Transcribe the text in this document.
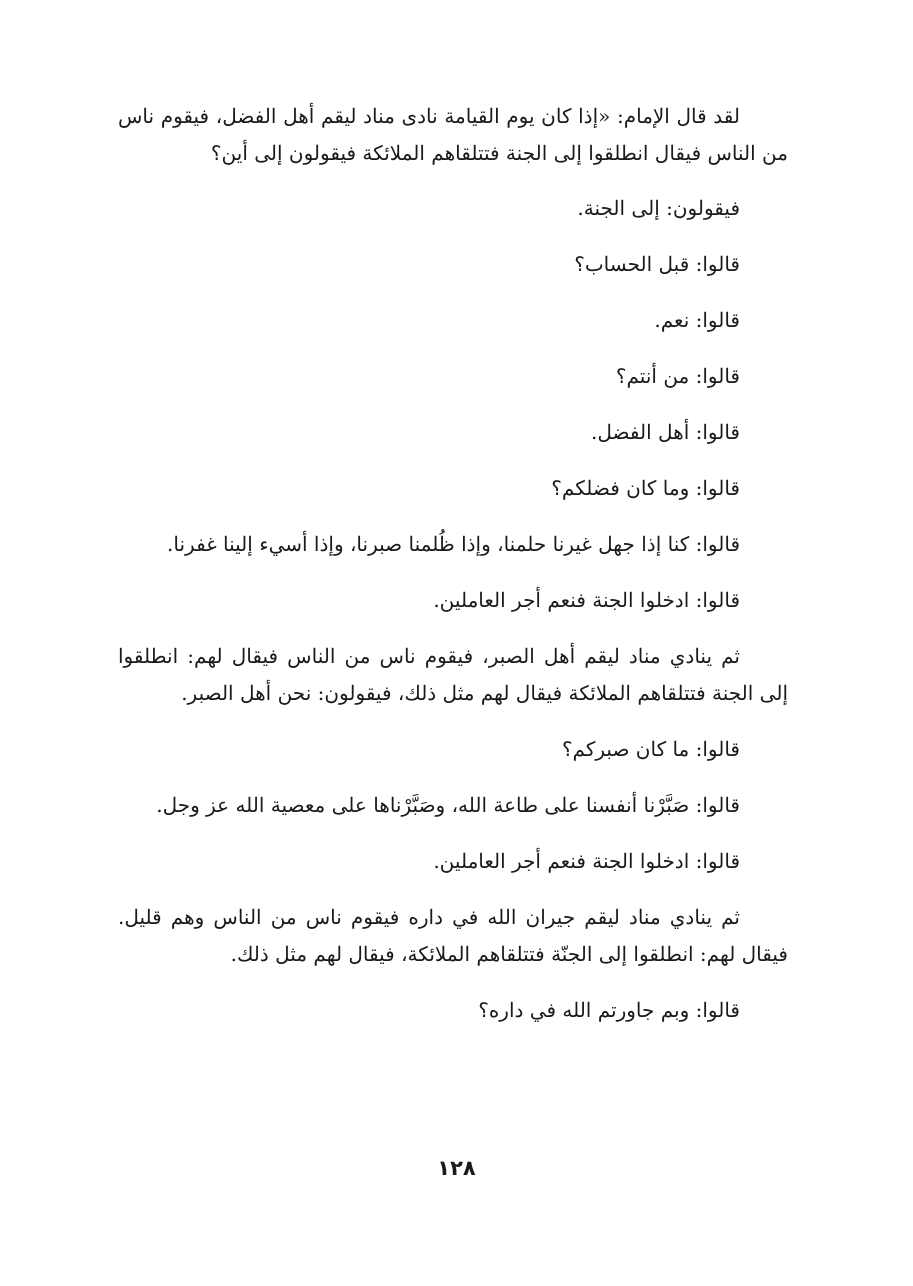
لقد قال الإمام: «إذا كان يوم القيامة نادى مناد ليقم أهل الفضل، فيقوم ناس من الناس فيقال انطلقوا إلى الجنة فتتلقاهم الملائكة فيقولون إلى أين؟

فيقولون: إلى الجنة.

قالوا: قبل الحساب؟

قالوا: نعم.

قالوا: من أنتم؟

قالوا: أهل الفضل.

قالوا: وما كان فضلكم؟

قالوا: كنا إذا جهل غيرنا حلمنا، وإذا ظُلمنا صبرنا، وإذا أسيء إلينا غفرنا.

قالوا: ادخلوا الجنة فنعم أجر العاملين.

ثم ينادي مناد ليقم أهل الصبر، فيقوم ناس من الناس فيقال لهم: انطلقوا إلى الجنة فتتلقاهم الملائكة فيقال لهم مثل ذلك، فيقولون: نحن أهل الصبر.

قالوا: ما كان صبركم؟

قالوا: صَبَّرْنا أنفسنا على طاعة الله، وصَبَّرْناها على معصية الله عز وجل.

قالوا: ادخلوا الجنة فنعم أجر العاملين.

ثم ينادي مناد ليقم جيران الله في داره فيقوم ناس من الناس وهم قليل. فيقال لهم: انطلقوا إلى الجنّة فتتلقاهم الملائكة، فيقال لهم مثل ذلك.

قالوا: وبم جاورتم الله في داره؟

١٢٨
